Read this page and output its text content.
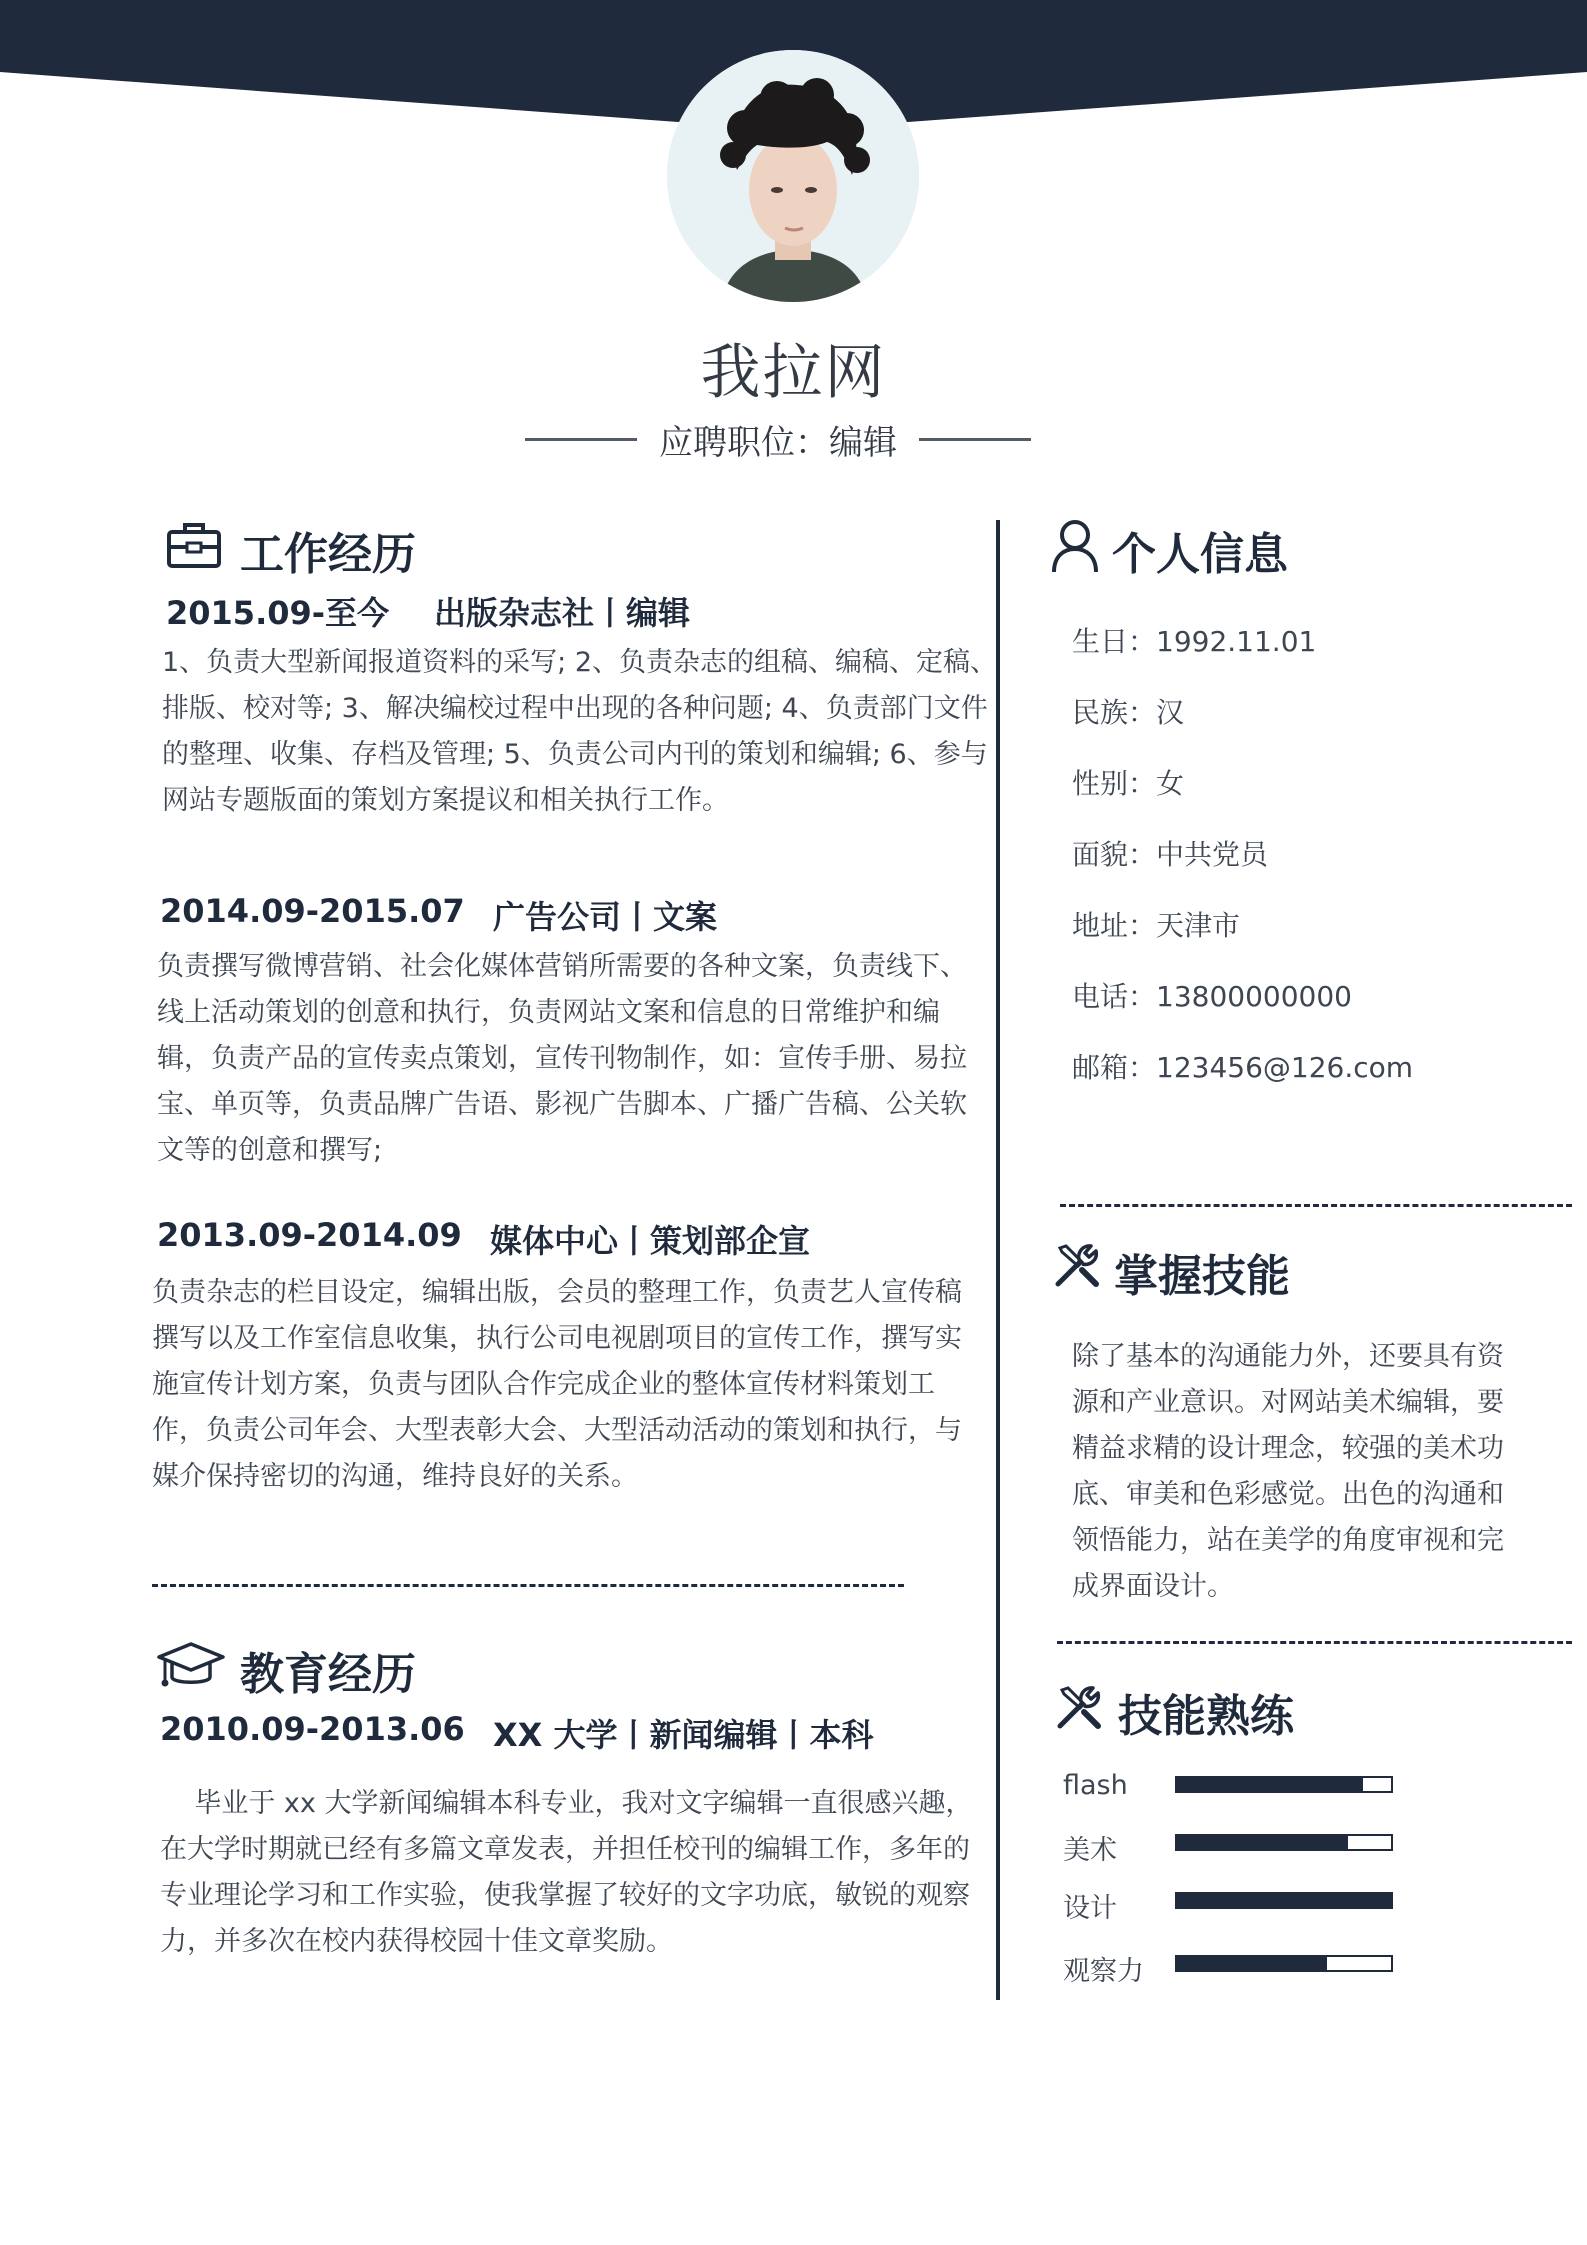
我拉网
应聘职位：编辑
工作经历
2015.09-至今 出版杂志社丨编辑

1、负责大型新闻报道资料的采写; 2、负责杂志的组稿、编稿、定稿、
排版、校对等; 3、解决编校过程中出现的各种问题; 4、负责部门文件
的整理、收集、存档及管理; 5、负责公司内刊的策划和编辑; 6、参与
网站专题版面的策划方案提议和相关执行工作。

2014.09-2015.07 广告公司丨文案

负责撰写微博营销、社会化媒体营销所需要的各种文案，负责线下、
线上活动策划的创意和执行，负责网站文案和信息的日常维护和编
辑，负责产品的宣传卖点策划，宣传刊物制作，如：宣传手册、易拉
宝、单页等，负责品牌广告语、影视广告脚本、广播广告稿、公关软
文等的创意和撰写;

2013.09-2014.09 媒体中心丨策划部企宣

负责杂志的栏目设定，编辑出版，会员的整理工作，负责艺人宣传稿
撰写以及工作室信息收集，执行公司电视剧项目的宣传工作，撰写实
施宣传计划方案，负责与团队合作完成企业的整体宣传材料策划工
作，负责公司年会、大型表彰大会、大型活动活动的策划和执行，与
媒介保持密切的沟通，维持良好的关系。

教育经历
2010.09-2013.06 XX 大学丨新闻编辑丨本科

毕业于 xx 大学新闻编辑本科专业，我对文字编辑一直很感兴趣，
在大学时期就已经有多篇文章发表，并担任校刊的编辑工作，多年的
专业理论学习和工作实验，使我掌握了较好的文字功底，敏锐的观察
力，并多次在校内获得校园十佳文章奖励。

个人信息
生日：1992.11.01
民族：汉
性别：女
面貌：中共党员
地址：天津市
电话：13800000000
邮箱：123456@126.com
掌握技能

除了基本的沟通能力外，还要具有资
源和产业意识。对网站美术编辑，要
精益求精的设计理念，较强的美术功
底、审美和色彩感觉。出色的沟通和
领悟能力，站在美学的角度审视和完
成界面设计。

技能熟练
flash
美术
设计
观察力
